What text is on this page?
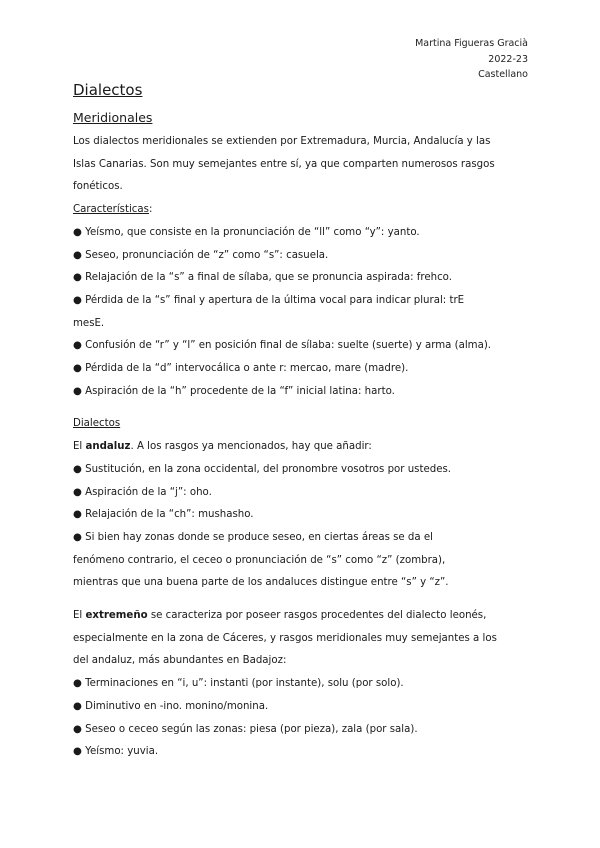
Martina Figueras Gracià
2022-23
Castellano
Dialectos
Meridionales

Los dialectos meridionales se extienden por Extremadura, Murcia, Andalucía y las

Islas Canarias. Son muy semejantes entre sí, ya que comparten numerosos rasgos

fonéticos.

Características:

● Yeísmo, que consiste en la pronunciación de “ll” como “y”: yanto.

● Seseo, pronunciación de “z” como “s”: casuela.

● Relajación de la “s” a final de sílaba, que se pronuncia aspirada: frehco.

● Pérdida de la “s” final y apertura de la última vocal para indicar plural: trE

mesE.

● Confusión de “r” y “l” en posición final de sílaba: suelte (suerte) y arma (alma).

● Pérdida de la “d” intervocálica o ante r: mercao, mare (madre).

● Aspiración de la “h” procedente de la “f” inicial latina: harto.

Dialectos

El andaluz. A los rasgos ya mencionados, hay que añadir:

● Sustitución, en la zona occidental, del pronombre vosotros por ustedes.

● Aspiración de la “j”: oho.

● Relajación de la “ch”: mushasho.

● Si bien hay zonas donde se produce seseo, en ciertas áreas se da el

fenómeno contrario, el ceceo o pronunciación de “s” como “z” (zombra),

mientras que una buena parte de los andaluces distingue entre “s” y “z”.

El extremeño se caracteriza por poseer rasgos procedentes del dialecto leonés,

especialmente en la zona de Cáceres, y rasgos meridionales muy semejantes a los

del andaluz, más abundantes en Badajoz:

● Terminaciones en “i, u”: instanti (por instante), solu (por solo).

● Diminutivo en -ino. monino/monina.

● Seseo o ceceo según las zonas: piesa (por pieza), zala (por sala).

● Yeísmo: yuvia.
